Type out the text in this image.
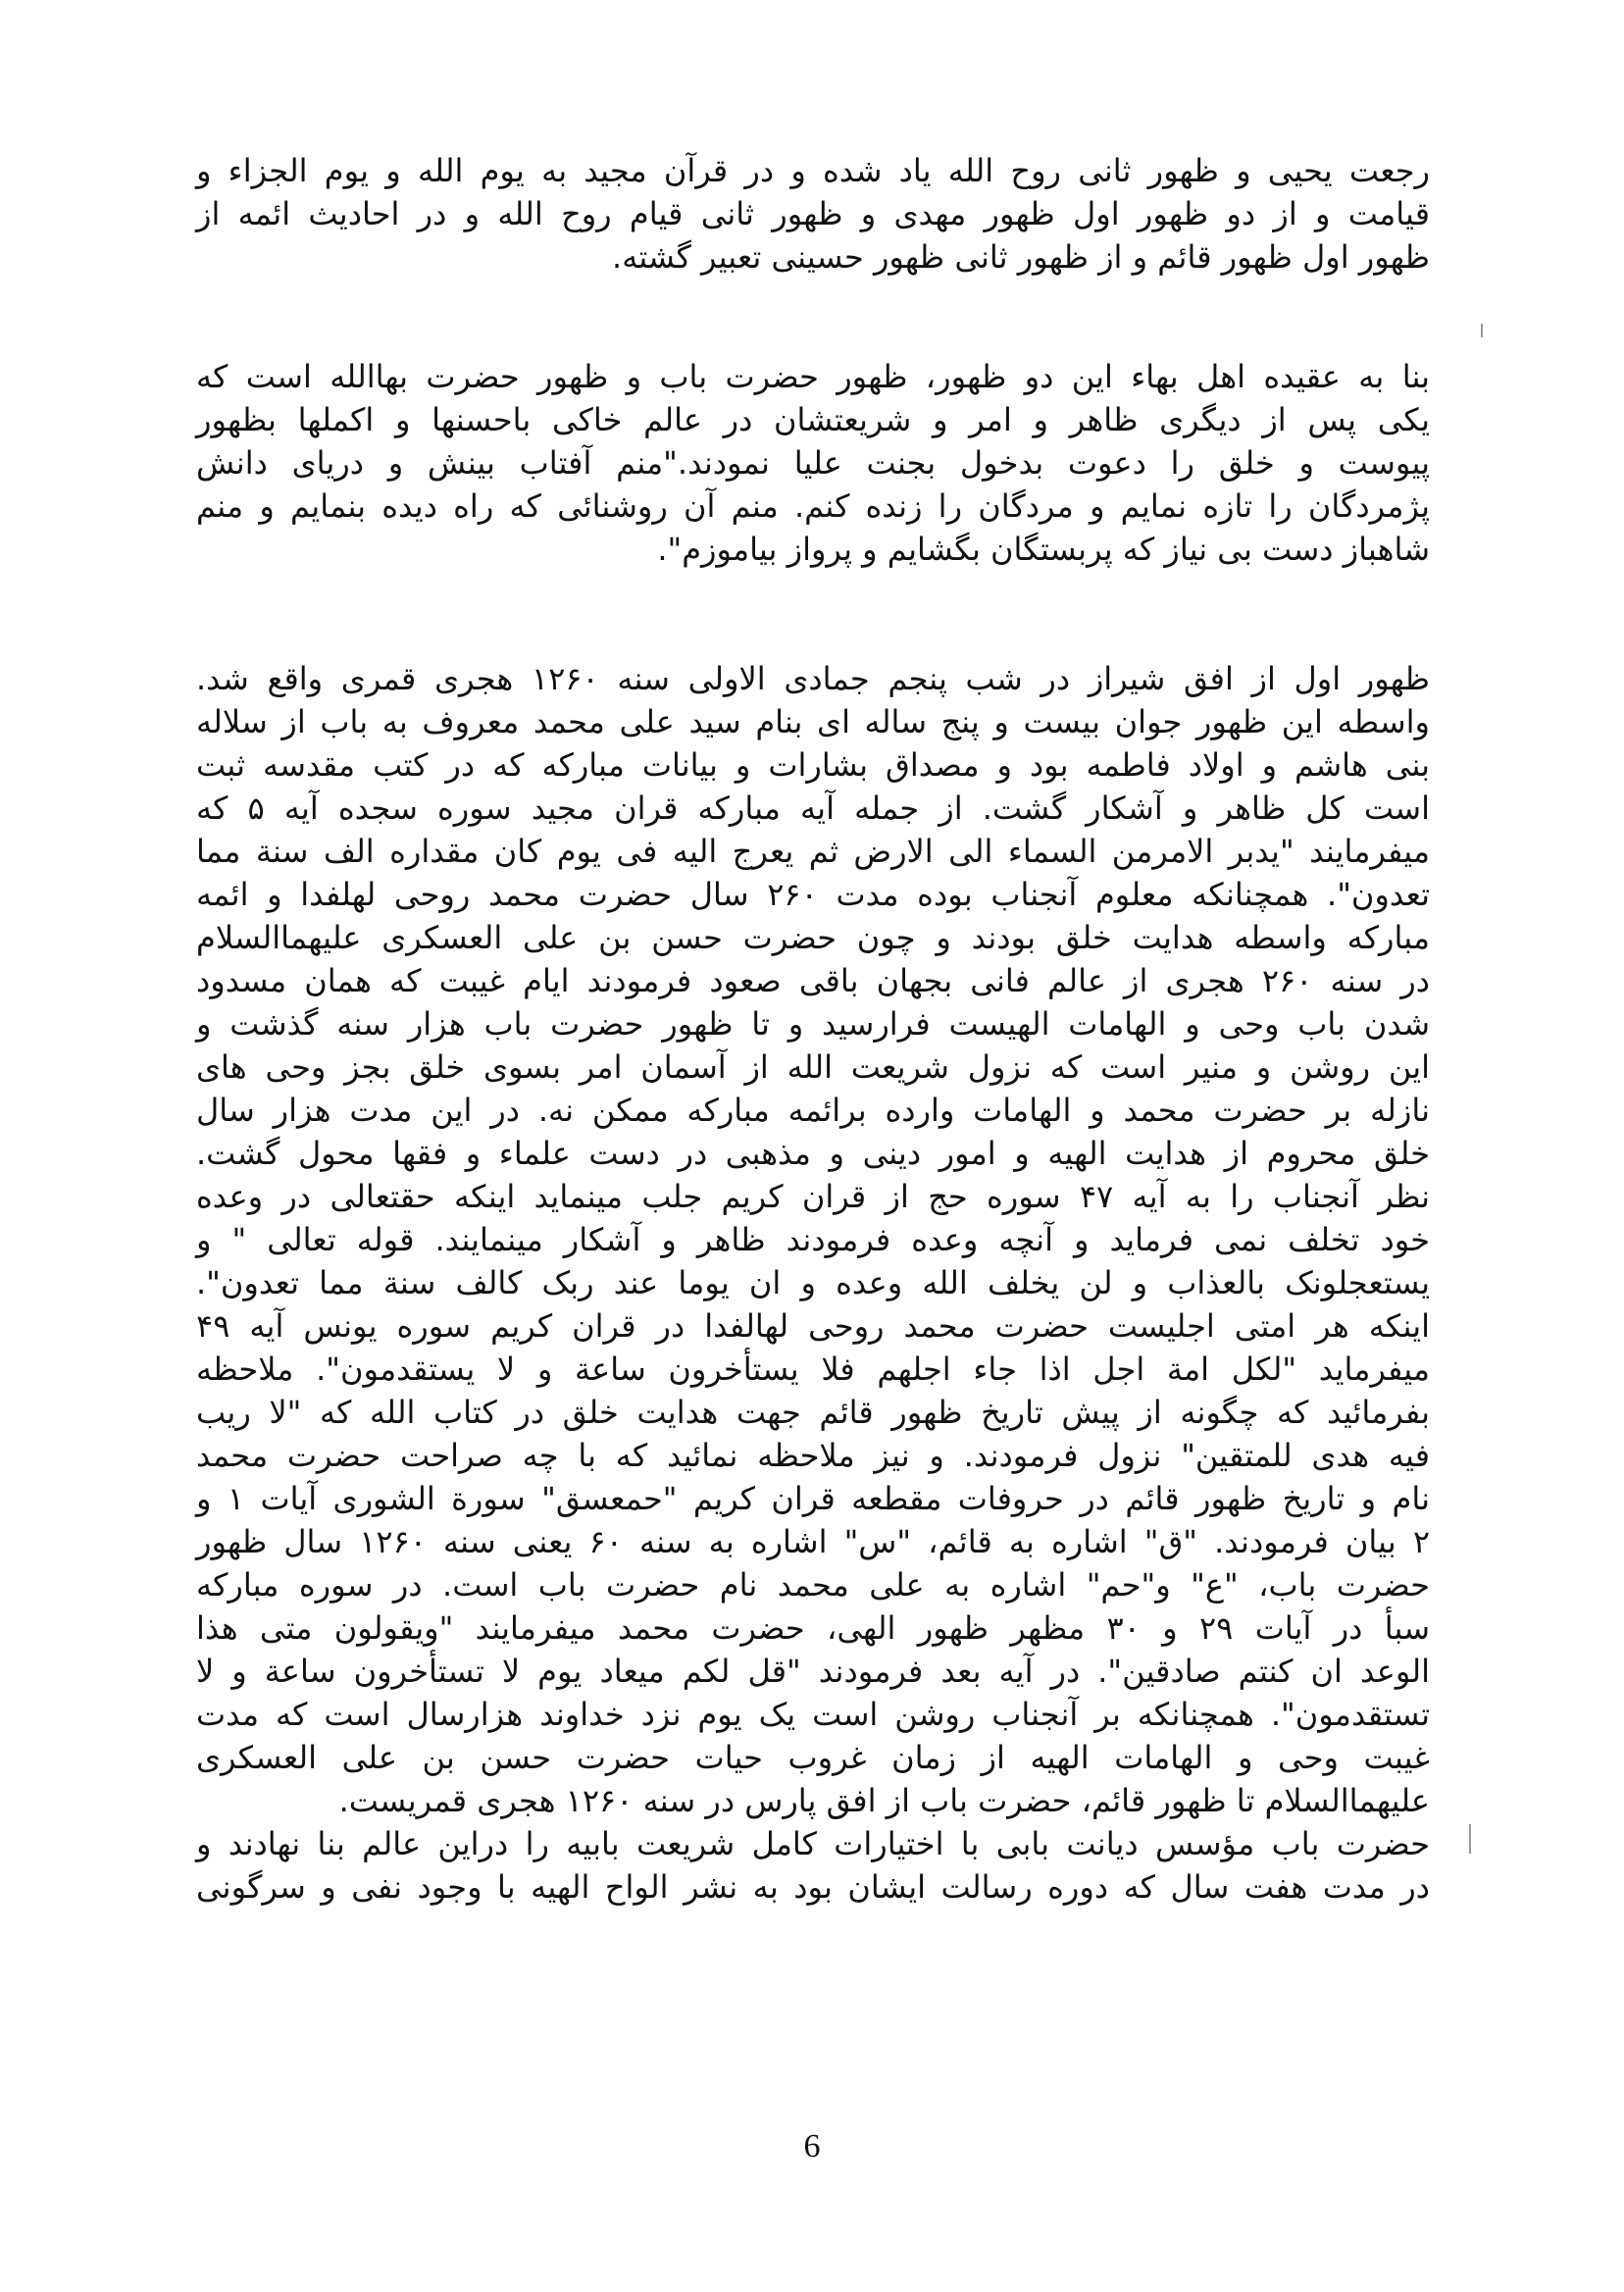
رجعت یحیی و ظهور ثانی روح الله یاد شده و در قرآن مجید به یوم الله و یوم الجزاء و
قیامت و از دو ظهور اول ظهور مهدی و ظهور ثانی قیام روح الله و در احادیث ائمه از
ظهور اول ظهور قائم و از ظهور ثانی ظهور حسینی تعبیر گشته.
بنا به عقیده اهل بهاء این دو ظهور، ظهور حضرت باب و ظهور حضرت بهاالله است که
یکی پس از دیگری ظاهر و امر و شریعتشان در عالم خاکی باحسنها و اکملها بظهور
پیوست و خلق را دعوت بدخول بجنت علیا نمودند."منم آفتاب بینش و دریای دانش
پژمردگان را تازه نمایم و مردگان را زنده کنم. منم آن روشنائی که راه دیده بنمایم و منم
شاهباز دست بی نیاز که پربستگان بگشایم و پرواز بیاموزم".
ظهور اول از افق شیراز در شب پنجم جمادی الاولی سنه ۱۲۶۰ هجری قمری واقع شد.
واسطه این ظهور جوان بیست و پنج ساله ای بنام سید علی محمد معروف به باب از سلاله
بنی هاشم و اولاد فاطمه بود و مصداق بشارات و بیانات مبارکه که در کتب مقدسه ثبت
است کل ظاهر و آشکار گشت. از جمله آیه مبارکه قران مجید سوره سجده آیه ۵ که
میفرمایند "یدبر الامرمن السماء الی الارض ثم یعرج الیه فی یوم کان مقداره الف سنة مما
تعدون". همچنانکه معلوم آنجناب بوده مدت ۲۶۰ سال حضرت محمد روحی لهلفدا و ائمه
مبارکه واسطه هدایت خلق بودند و چون حضرت حسن بن علی العسکری علیهماالسلام
در سنه ۲۶۰ هجری از عالم فانی بجهان باقی صعود فرمودند ایام غیبت که همان مسدود
شدن باب وحی و الهامات الهیست فرارسید و تا ظهور حضرت باب هزار سنه گذشت و
این روشن و منیر است که نزول شریعت الله از آسمان امر بسوی خلق بجز وحی های
نازله بر حضرت محمد و الهامات وارده برائمه مبارکه ممکن نه. در این مدت هزار سال
خلق محروم از هدایت الهیه و امور دینی و مذهبی در دست علماء و فقها محول گشت.
نظر آنجناب را به آیه ۴۷ سوره حج از قران کریم جلب مینماید اینکه حقتعالی در وعده
خود تخلف نمی فرماید و آنچه وعده فرمودند ظاهر و آشکار مینمایند. قوله تعالی " و
یستعجلونک بالعذاب و لن یخلف الله وعده و ان یوما عند ربک کالف سنة مما تعدون".
اینکه هر امتی اجلیست حضرت محمد روحی لهالفدا در قران کریم سوره یونس آیه ۴۹
میفرماید "لکل امة اجل اذا جاء اجلهم فلا یستأخرون ساعة و لا یستقدمون". ملاحظه
بفرمائید که چگونه از پیش تاریخ ظهور قائم جهت هدایت خلق در کتاب الله که "لا ریب
فیه هدی للمتقین" نزول فرمودند. و نیز ملاحظه نمائید که با چه صراحت حضرت محمد
نام و تاریخ ظهور قائم در حروفات مقطعه قران کریم "حمعسق" سورة الشوری آیات ۱ و
۲ بیان فرمودند. "ق" اشاره به قائم، "س" اشاره به سنه ۶۰ یعنی سنه ۱۲۶۰ سال ظهور
حضرت باب، "ع" و"حم" اشاره به علی محمد نام حضرت باب است. در سوره مبارکه
سبأ در آیات ۲۹ و ۳۰ مظهر ظهور الهی، حضرت محمد میفرمایند "ویقولون متی هذا
الوعد ان کنتم صادقین". در آیه بعد فرمودند "قل لکم میعاد یوم لا تستأخرون ساعة و لا
تستقدمون". همچنانکه بر آنجناب روشن است یک یوم نزد خداوند هزارسال است که مدت
غیبت وحی و الهامات الهیه از زمان غروب حیات حضرت حسن بن علی العسکری
علیهماالسلام تا ظهور قائم، حضرت باب از افق پارس در سنه ۱۲۶۰ هجری قمریست.
حضرت باب مؤسس دیانت بابی با اختیارات کامل شریعت بابیه را دراین عالم بنا نهادند و
در مدت هفت سال که دوره رسالت ایشان بود به نشر الواح الهیه با وجود نفی و سرگونی
6
